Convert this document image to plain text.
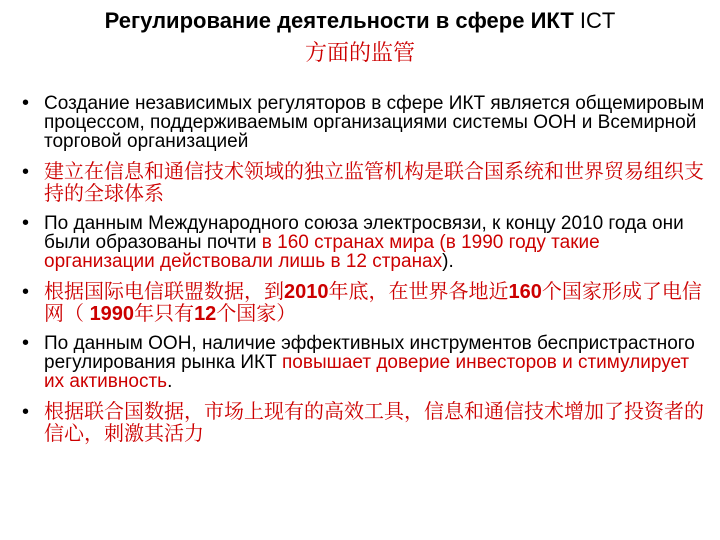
Регулирование деятельности в сфере ИКТ ICT
方面的监管
• Создание независимых регуляторов в сфере ИКТ является общемировым процессом, поддерживаемым организациями системы ООН и Всемирной торговой организацией
• 建立在信息和通信技术领域的独立监管机构是联合国系统和世界贸易组织支持的全球体系
• По данным Международного союза электросвязи, к концу 2010 года они были образованы почти в 160 странах мира (в 1990 году такие организации действовали лишь в 12 странах).
• 根据国际电信联盟数据，到2010年底，在世界各地近160个国家形成了电信网（ 1990年只有12个国家）
• По данным ООН, наличие эффективных инструментов беспристрастного регулирования рынка ИКТ повышает доверие инвесторов и стимулирует их активность.
• 根据联合国数据，市场上现有的高效工具，信息和通信技术增加了投资者的信心，刺激其活力
